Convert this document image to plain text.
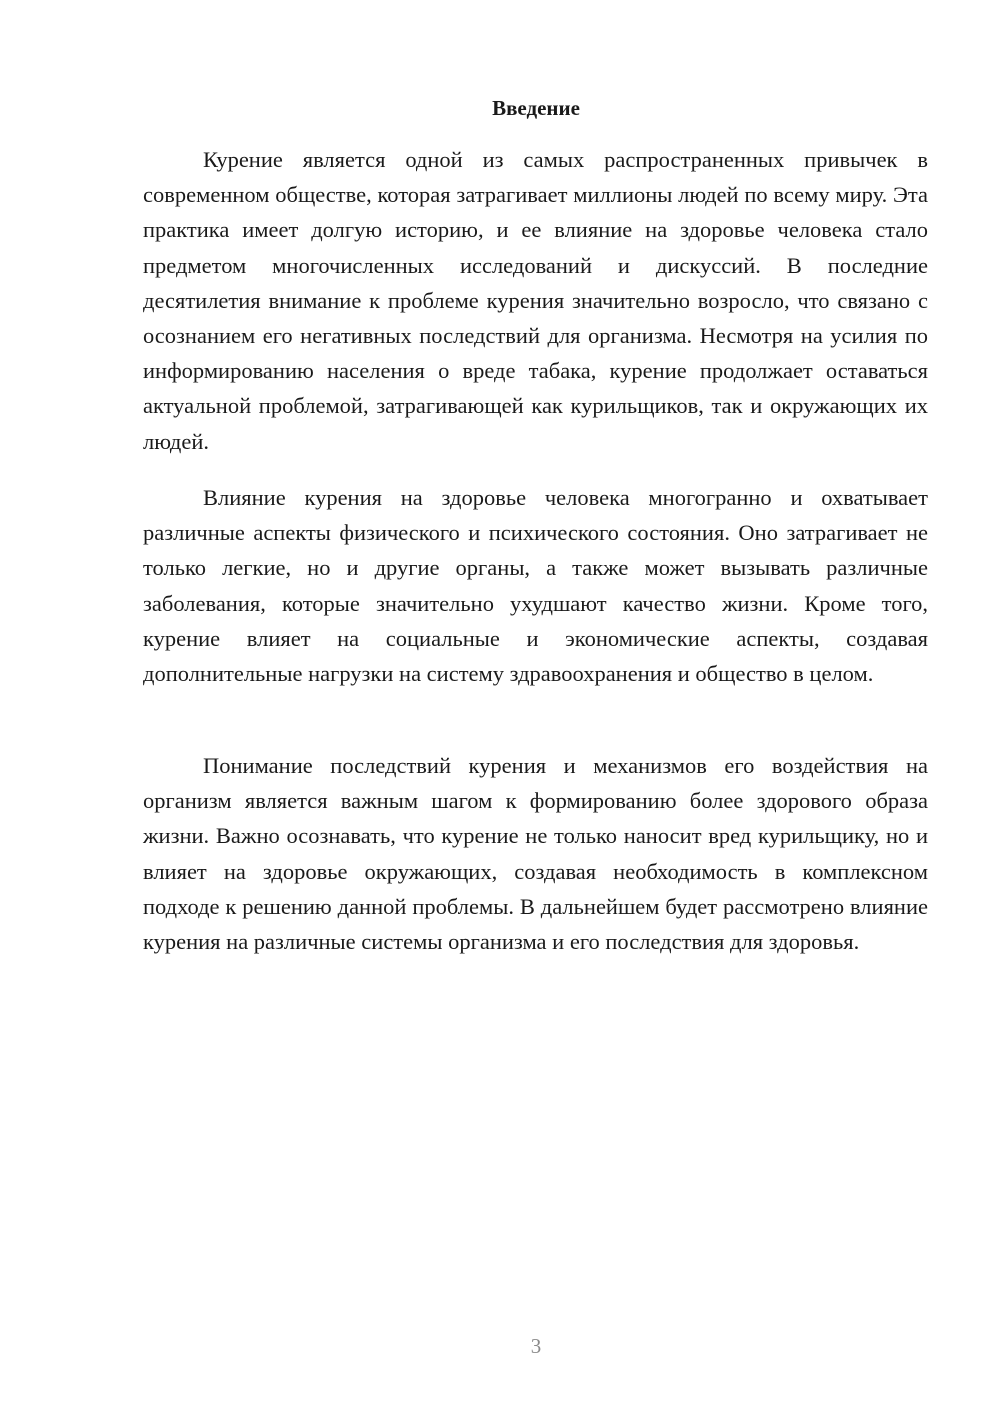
Введение

Курение является одной из самых распространенных привычек в современном обществе, которая затрагивает миллионы людей по всему миру. Эта практика имеет долгую историю, и ее влияние на здоровье человека стало предметом многочисленных исследований и дискуссий. В последние десятилетия внимание к проблеме курения значительно возросло, что связано с осознанием его негативных последствий для организма. Несмотря на усилия по информированию населения о вреде табака, курение продолжает оставаться актуальной проблемой, затрагивающей как курильщиков, так и окружающих их людей.

Влияние курения на здоровье человека многогранно и охватывает различные аспекты физического и психического состояния. Оно затрагивает не только легкие, но и другие органы, а также может вызывать различные заболевания, которые значительно ухудшают качество жизни. Кроме того, курение влияет на социальные и экономические аспекты, создавая дополнительные нагрузки на систему здравоохранения и общество в целом.

Понимание последствий курения и механизмов его воздействия на организм является важным шагом к формированию более здорового образа жизни. Важно осознавать, что курение не только наносит вред курильщику, но и влияет на здоровье окружающих, создавая необходимость в комплексном подходе к решению данной проблемы. В дальнейшем будет рассмотрено влияние курения на различные системы организма и его последствия для здоровья.

3
